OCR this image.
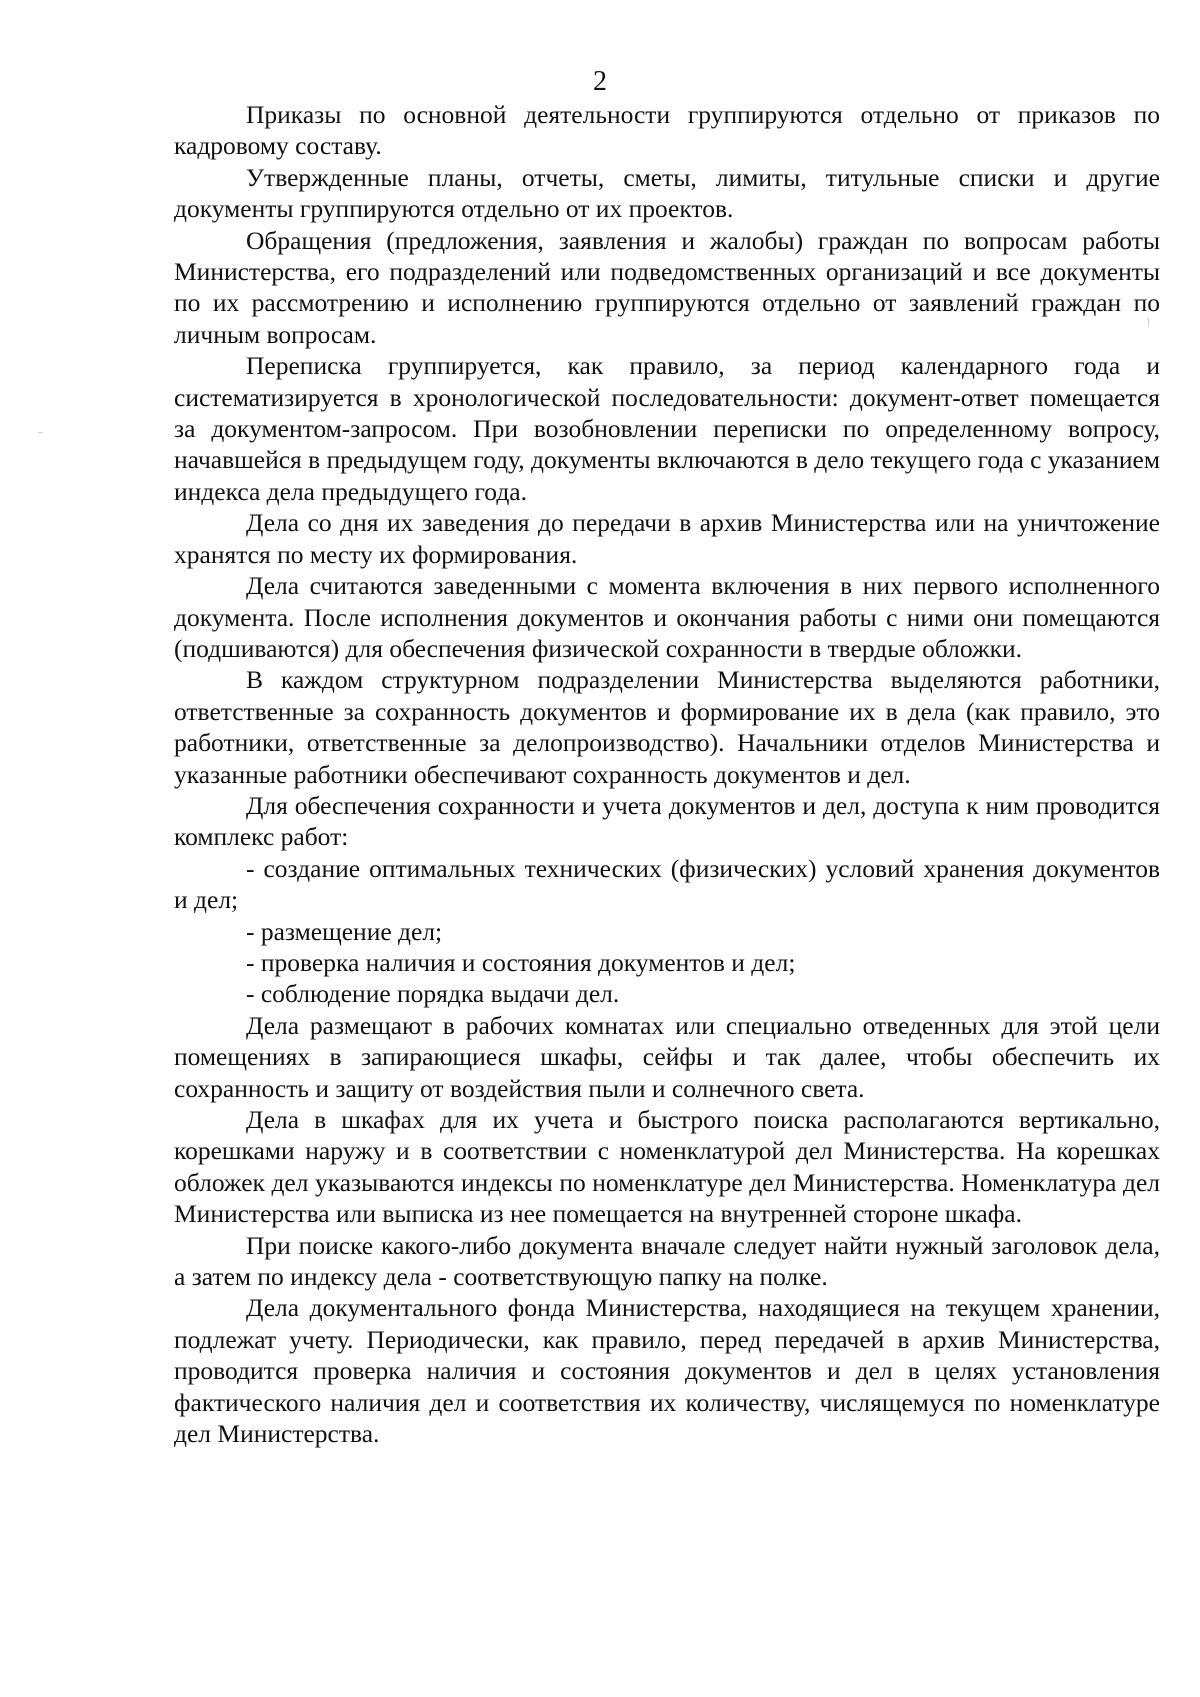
2

Приказы по основной деятельности группируются отдельно от приказов по кадровому составу.

Утвержденные планы, отчеты, сметы, лимиты, титульные списки и другие документы группируются отдельно от их проектов.

Обращения (предложения, заявления и жалобы) граждан по вопросам работы Министерства, его подразделений или подведомственных организаций и все документы по их рассмотрению и исполнению группируются отдельно от заявлений граждан по личным вопросам.

Переписка группируется, как правило, за период календарного года и систематизируется в хронологической последовательности: документ-ответ помещается за документом-запросом. При возобновлении переписки по определенному вопросу, начавшейся в предыдущем году, документы включаются в дело текущего года с указанием индекса дела предыдущего года.

Дела со дня их заведения до передачи в архив Министерства или на уничтожение хранятся по месту их формирования.

Дела считаются заведенными с момента включения в них первого исполненного документа. После исполнения документов и окончания работы с ними они помещаются (подшиваются) для обеспечения физической сохранности в твердые обложки.

В каждом структурном подразделении Министерства выделяются работники, ответственные за сохранность документов и формирование их в дела (как правило, это работники, ответственные за делопроизводство). Начальники отделов Министерства и указанные работники обеспечивают сохранность документов и дел.

Для обеспечения сохранности и учета документов и дел, доступа к ним проводится комплекс работ:

- создание оптимальных технических (физических) условий хранения документов и дел;

- размещение дел;

- проверка наличия и состояния документов и дел;

- соблюдение порядка выдачи дел.

Дела размещают в рабочих комнатах или специально отведенных для этой цели помещениях в запирающиеся шкафы, сейфы и так далее, чтобы обеспечить их сохранность и защиту от воздействия пыли и солнечного света.

Дела в шкафах для их учета и быстрого поиска располагаются вертикально, корешками наружу и в соответствии с номенклатурой дел Министерства. На корешках обложек дел указываются индексы по номенклатуре дел Министерства. Номенклатура дел Министерства или выписка из нее помещается на внутренней стороне шкафа.

При поиске какого-либо документа вначале следует найти нужный заголовок дела, а затем по индексу дела - соответствующую папку на полке.

Дела документального фонда Министерства, находящиеся на текущем хранении, подлежат учету. Периодически, как правило, перед передачей в архив Министерства, проводится проверка наличия и состояния документов и дел в целях установления фактического наличия дел и соответствия их количеству, числящемуся по номенклатуре дел Министерства.
